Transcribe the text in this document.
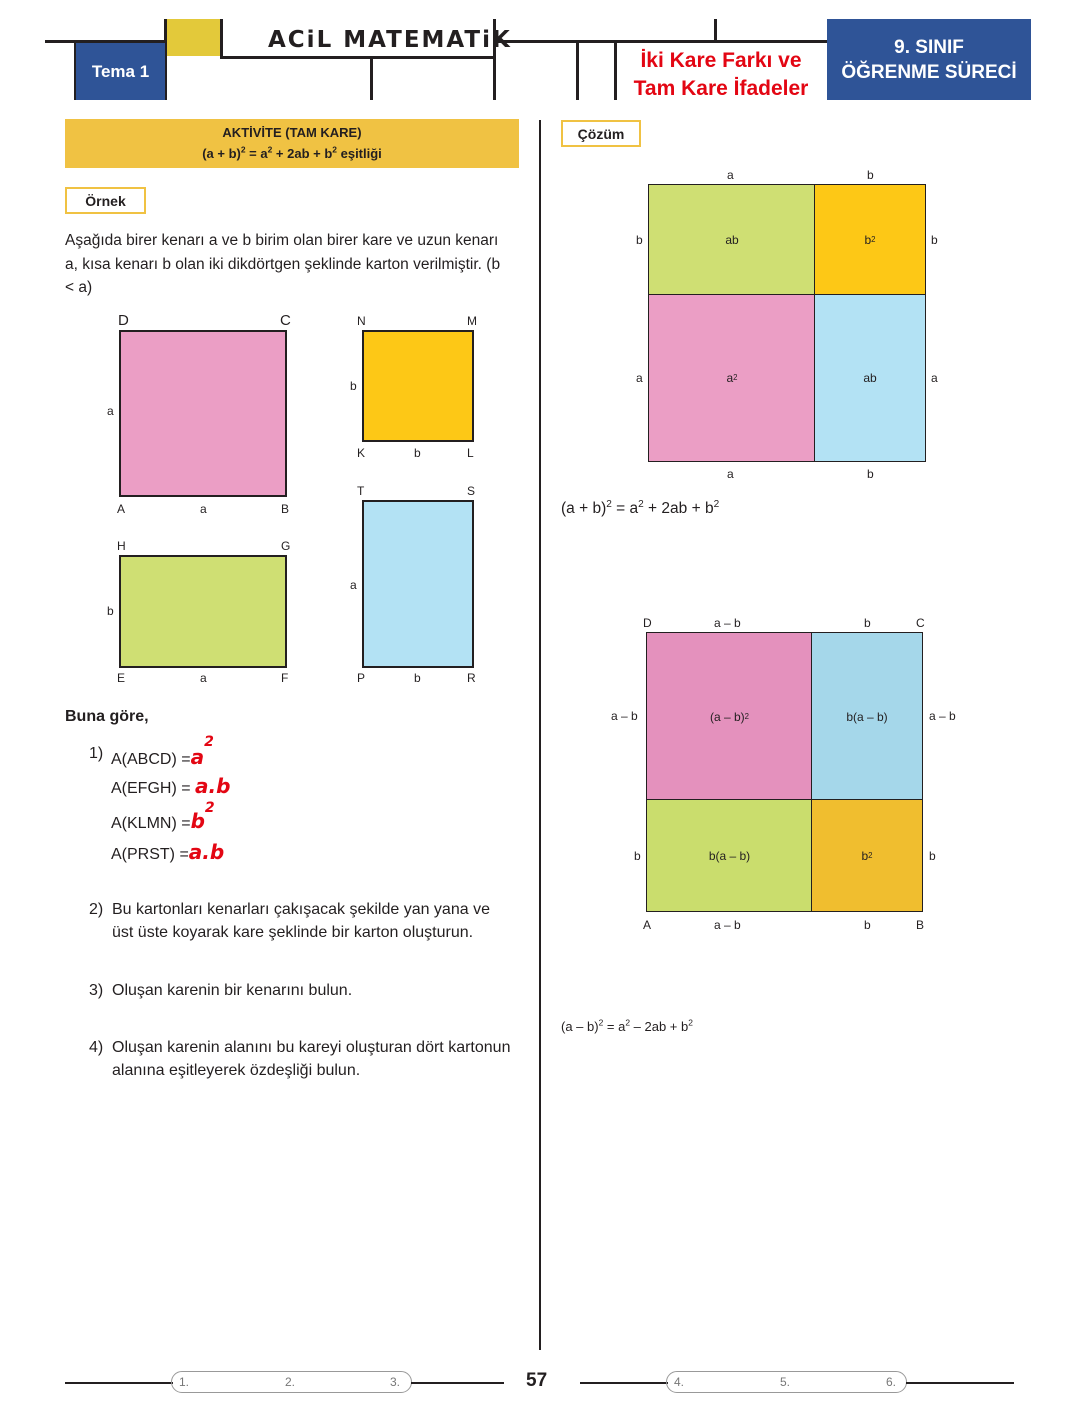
Tema 1
ACiL MATEMATiK
İki Kare Farkı ve
Tam Kare İfadeler
9. SINIF
ÖĞRENME SÜRECİ
AKTİVİTE (TAM KARE)
$(a + b)^2 = a^2 + 2ab + b^2$ eşitliği
Örnek
Aşağıda birer kenarı a ve b birim olan birer kare ve uzun kenarı a, kısa kenarı b olan iki dikdörtgen şeklinde karton verilmiştir. (b < a)
D	C
a
A	a	B
N	M
b
K	b	L
T	S
a
P	b	R
H	G
b
E	a	F
Buna göre,
1) A(ABCD) $=a^2$
A(EFGH) = a.b
A(KLMN) $=b^2$
A(PRST) =a.b
2) Bu kartonları kenarları çakışacak şekilde yan yana ve üst üste koyarak kare şeklinde bir karton oluşturun.
3) Oluşan karenin bir kenarını bulun.
4) Oluşan karenin alanını bu kareyi oluşturan dört kartonun alanına eşitleyerek özdeşliği bulun.
Çözüm
a	b
ab	b 2
a 2	ab
b
a
b
a
a	b
$(a + b)^2 = a^2 + 2ab + b^2$
D	a – b	b	C
(a – b) 2	b(a – b)
b(a – b)	b 2
a – b
b
a – b
b
A	a – b	b	B
$(a - b)^2 = a^2 - 2ab + b^2$
1.	2.	3.	57	4.	5.	6.
